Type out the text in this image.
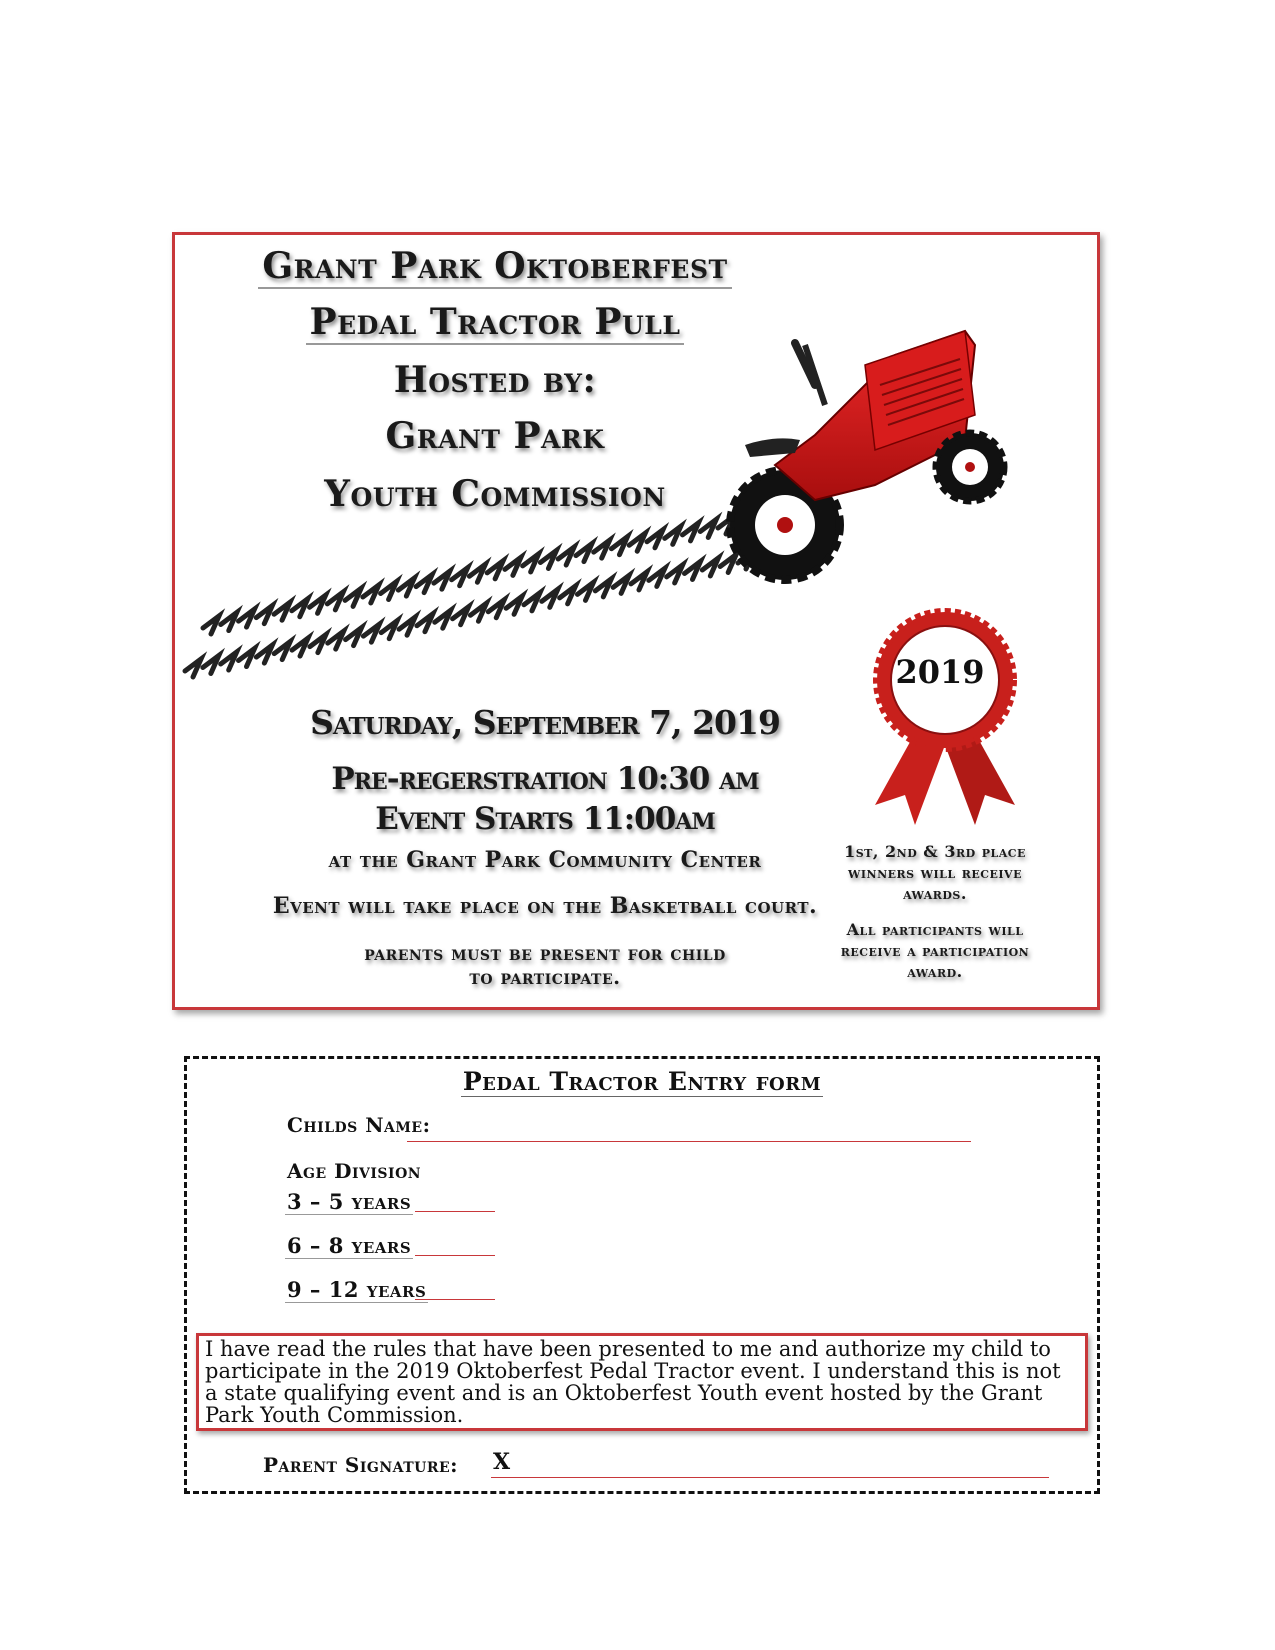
Grant Park Oktoberfest
Pedal Tractor Pull
Hosted by:
Grant Park
Youth Commission
Saturday, September 7, 2019
Pre-regerstration 10:30 am
Event Starts 11:00am
at the Grant Park Community Center
Event will take place on the Basketball court.
parents must be present for child
to participate.
2019
1st, 2nd & 3rd place winners will receive awards.
All participants will receive a participation award.
Pedal Tractor Entry form
Childs Name:
Age Division
3 – 5 years
6 – 8 years
9 – 12 years
I have read the rules that have been presented to me and authorize my child to participate in the 2019 Oktoberfest Pedal Tractor event. I understand this is not a state qualifying event and is an Oktoberfest Youth event hosted by the Grant Park Youth Commission.
Parent Signature: X
